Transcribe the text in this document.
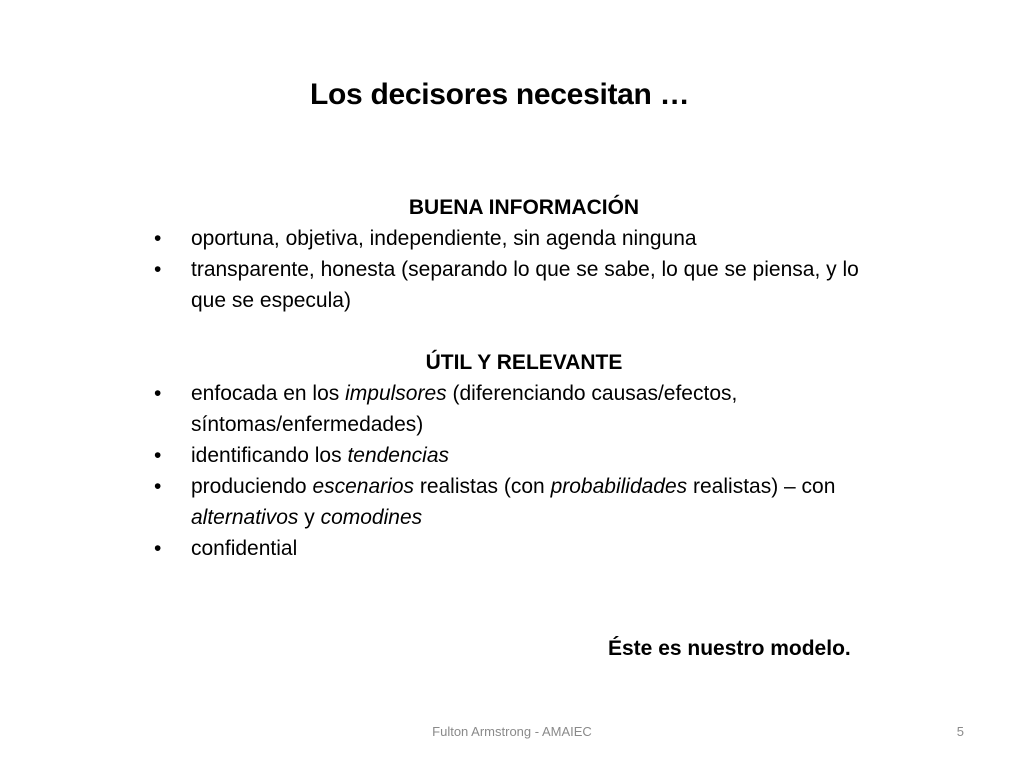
Los decisores necesitan …
BUENA INFORMACIÓN
• oportuna, objetiva, independiente, sin agenda ninguna
• transparente, honesta (separando lo que se sabe, lo que se piensa, y lo que se especula)
ÚTIL Y RELEVANTE
• enfocada en los impulsores (diferenciando causas/efectos, síntomas/enfermedades)
• identificando los tendencias
• produciendo escenarios realistas (con probabilidades realistas) – con alternativos y comodines
• confidential
Éste es nuestro modelo.
Fulton Armstrong - AMAIEC	5
